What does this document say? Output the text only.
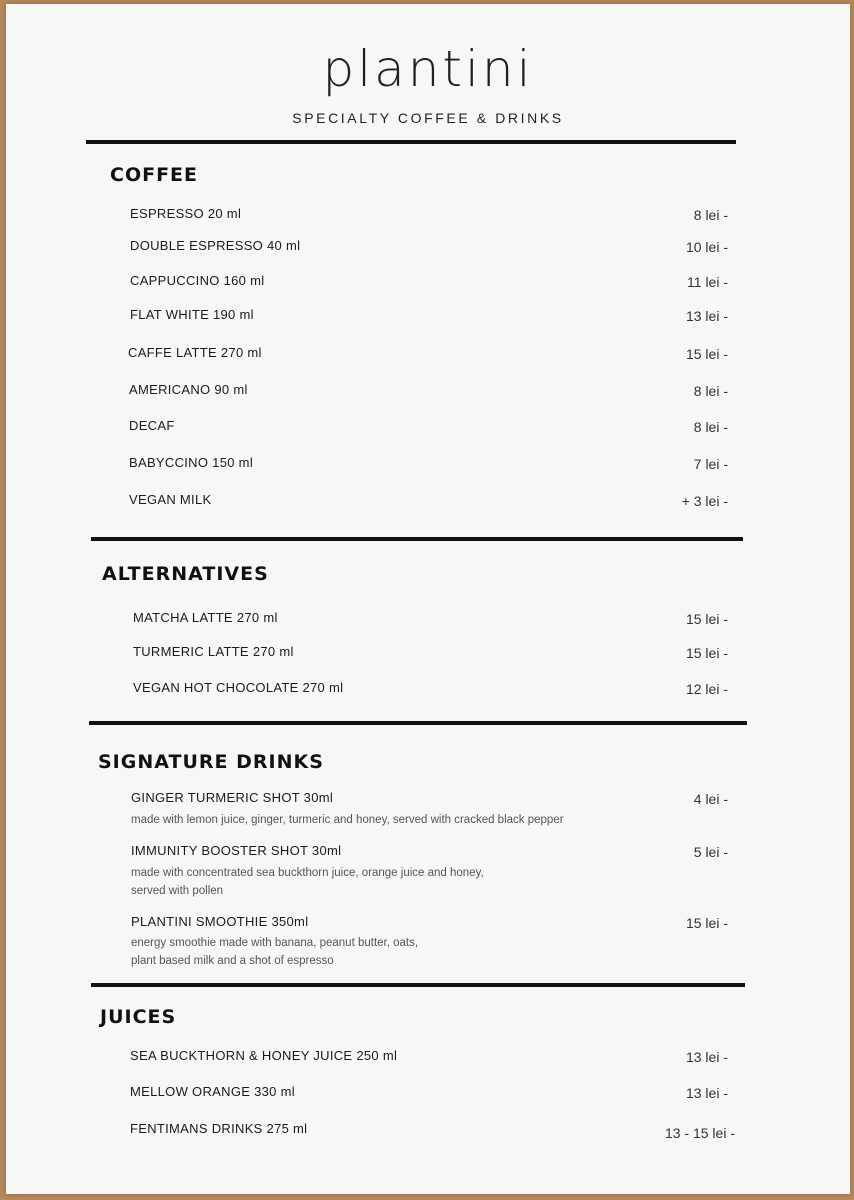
plantini
SPECIALTY COFFEE & DRINKS
COFFEE
ESPRESSO 20 ml	8 lei -
DOUBLE ESPRESSO 40 ml	10 lei -
CAPPUCCINO 160 ml	11 lei -
FLAT WHITE 190 ml	13 lei -
CAFFE LATTE 270 ml	15 lei -
AMERICANO 90 ml	8 lei -
DECAF	8 lei -
BABYCCINO 150 ml	7 lei -
VEGAN MILK	+ 3 lei -
ALTERNATIVES
MATCHA LATTE 270 ml	15 lei -
TURMERIC LATTE 270 ml	15 lei -
VEGAN HOT CHOCOLATE 270 ml	12 lei -
SIGNATURE DRINKS
GINGER TURMERIC SHOT 30ml	4 lei -
made with lemon juice, ginger, turmeric and honey, served with cracked black pepper
IMMUNITY BOOSTER SHOT 30ml	5 lei -
made with concentrated sea buckthorn juice, orange juice and honey,
served with pollen
PLANTINI SMOOTHIE 350ml	15 lei -
energy smoothie made with banana, peanut butter, oats,
plant based milk and a shot of espresso
JUICES
SEA BUCKTHORN & HONEY JUICE 250 ml	13 lei -
MELLOW ORANGE 330 ml	13 lei -
FENTIMANS DRINKS 275 ml	13 - 15 lei -
